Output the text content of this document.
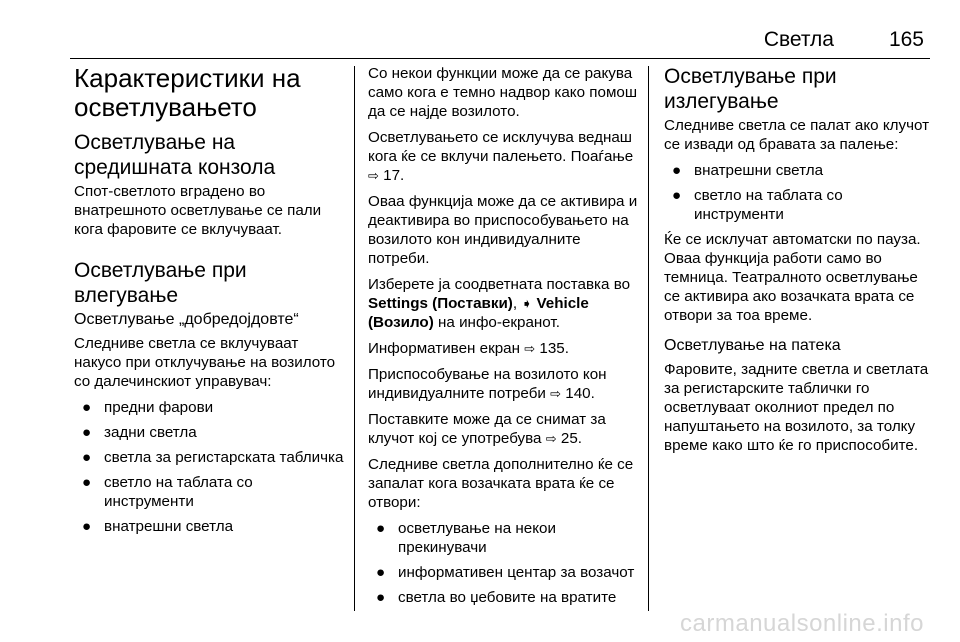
Светла	165
Карактеристики на осветлувањето
Осветлување на средишната конзола

Спот-светлото вградено во внатрешното осветлување се пали кога фаровите се вклучуваат.

Осветлување при влегување
Осветлување „добредојдовте“

Следниве светла се вклучуваат накусо при отклучување на возилото со далечинскиот управувач:

● предни фарови
● задни светла
● светла за регистарската табличка
● светло на таблата со инструменти
● внатрешни светла

Со некои функции може да се ракува само кога е темно надвор како помош да се најде возилото.

Осветлувањето се исклучува веднаш кога ќе се вклучи палењето. Поаѓање ⇨ 17.

Оваа функција може да се активира и деактивира во приспособувањето на возилото кон индивидуалните потреби.

Изберете ја соодветната поставка во Settings (Поставки), ➧ Vehicle (Возило) на инфо-екранот.

Информативен екран ⇨ 135.

Приспособување на возилото кон индивидуалните потреби ⇨ 140.

Поставките може да се снимат за клучот кој се употребува ⇨ 25.

Следниве светла дополнително ќе се запалат кога возачката врата ќе се отвори:

● осветлување на некои прекинувачи
● информативен центар за возачот
● светла во џебовите на вратите
Осветлување при излегување

Следниве светла се палат ако клучот се извади од бравата за палење:

● внатрешни светла
● светло на таблата со инструменти

Ќе се исклучат автоматски по пауза. Оваа функција работи само во темница. Театралното осветлување се активира ако возачката врата се отвори за тоа време.

Осветлување на патека

Фаровите, задните светла и светлата за регистарските таблички го осветлуваат околниот предел по напуштањето на возилото, за толку време како што ќе го приспособите.

carmanualsonline.info
